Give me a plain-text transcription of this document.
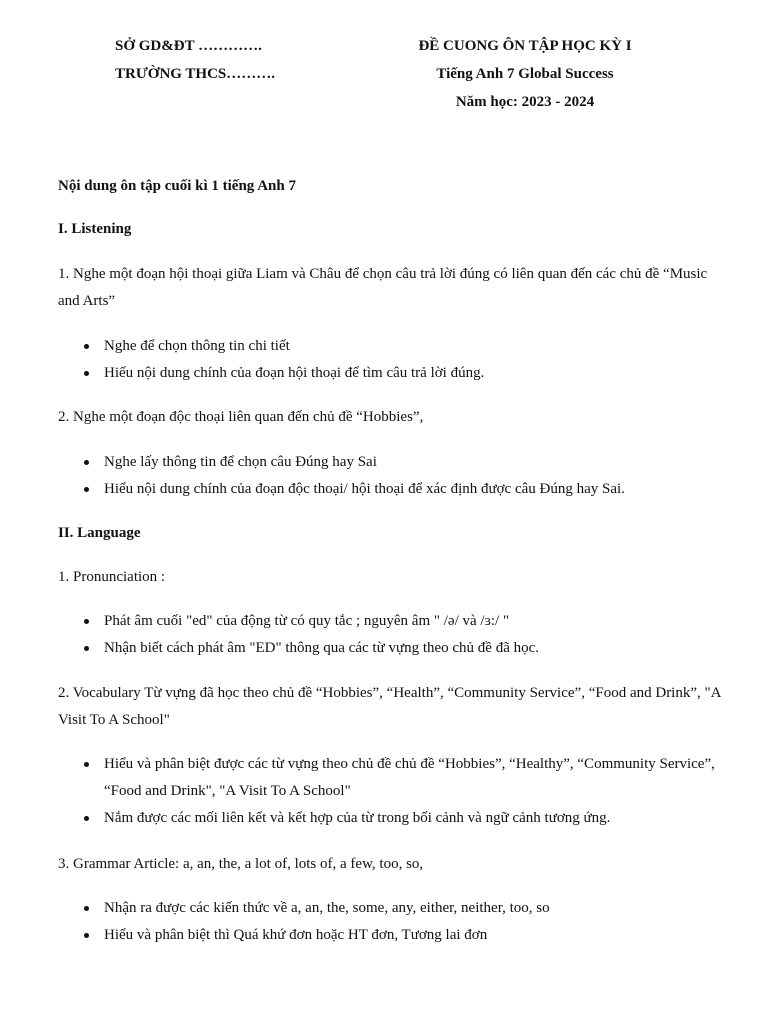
SỞ GD&ĐT ………….
TRƯỜNG THCS……….
ĐỀ CUONG ÔN TẬP HỌC KỲ I
Tiếng Anh 7 Global Success
Năm học: 2023 - 2024
Nội dung ôn tập cuối kì 1 tiếng Anh 7
I. Listening
1. Nghe một đoạn hội thoại giữa Liam và Châu để chọn câu trả lời đúng có liên quan đến các chủ đề “Music and Arts”
Nghe để chọn thông tin chi tiết
Hiểu nội dung chính của đoạn hội thoại để tìm câu trả lời đúng.
2. Nghe một đoạn độc thoại liên quan đến chủ đề “Hobbies”,
Nghe lấy thông tin để chọn câu Đúng hay Sai
Hiểu nội dung chính của đoạn độc thoại/ hội thoại để xác định được câu Đúng hay Sai.
II. Language
1. Pronunciation :
Phát âm cuối "ed" của động từ có quy tắc ; nguyên âm " /ə/ và /ɜ:/ "
Nhận biết cách phát âm "ED" thông qua các từ vựng theo chủ đề đã học.
2. Vocabulary Từ vựng đã học theo chủ đề “Hobbies”, “Health”, “Community Service”, “Food and Drink”, "A Visit To A School"
Hiểu và phân biệt được các từ vựng theo chủ đề chủ đề “Hobbies”, “Healthy”, “Community Service”, “Food and Drink", "A Visit To A School"
Nắm được các mối liên kết và kết hợp của từ trong bối cảnh và ngữ cảnh tương ứng.
3. Grammar Article: a, an, the, a lot of, lots of, a few, too, so,
Nhận ra được các kiến thức về a, an, the, some, any, either, neither, too, so
Hiểu và phân biệt thì Quá khứ đơn hoặc HT đơn, Tương lai đơn
